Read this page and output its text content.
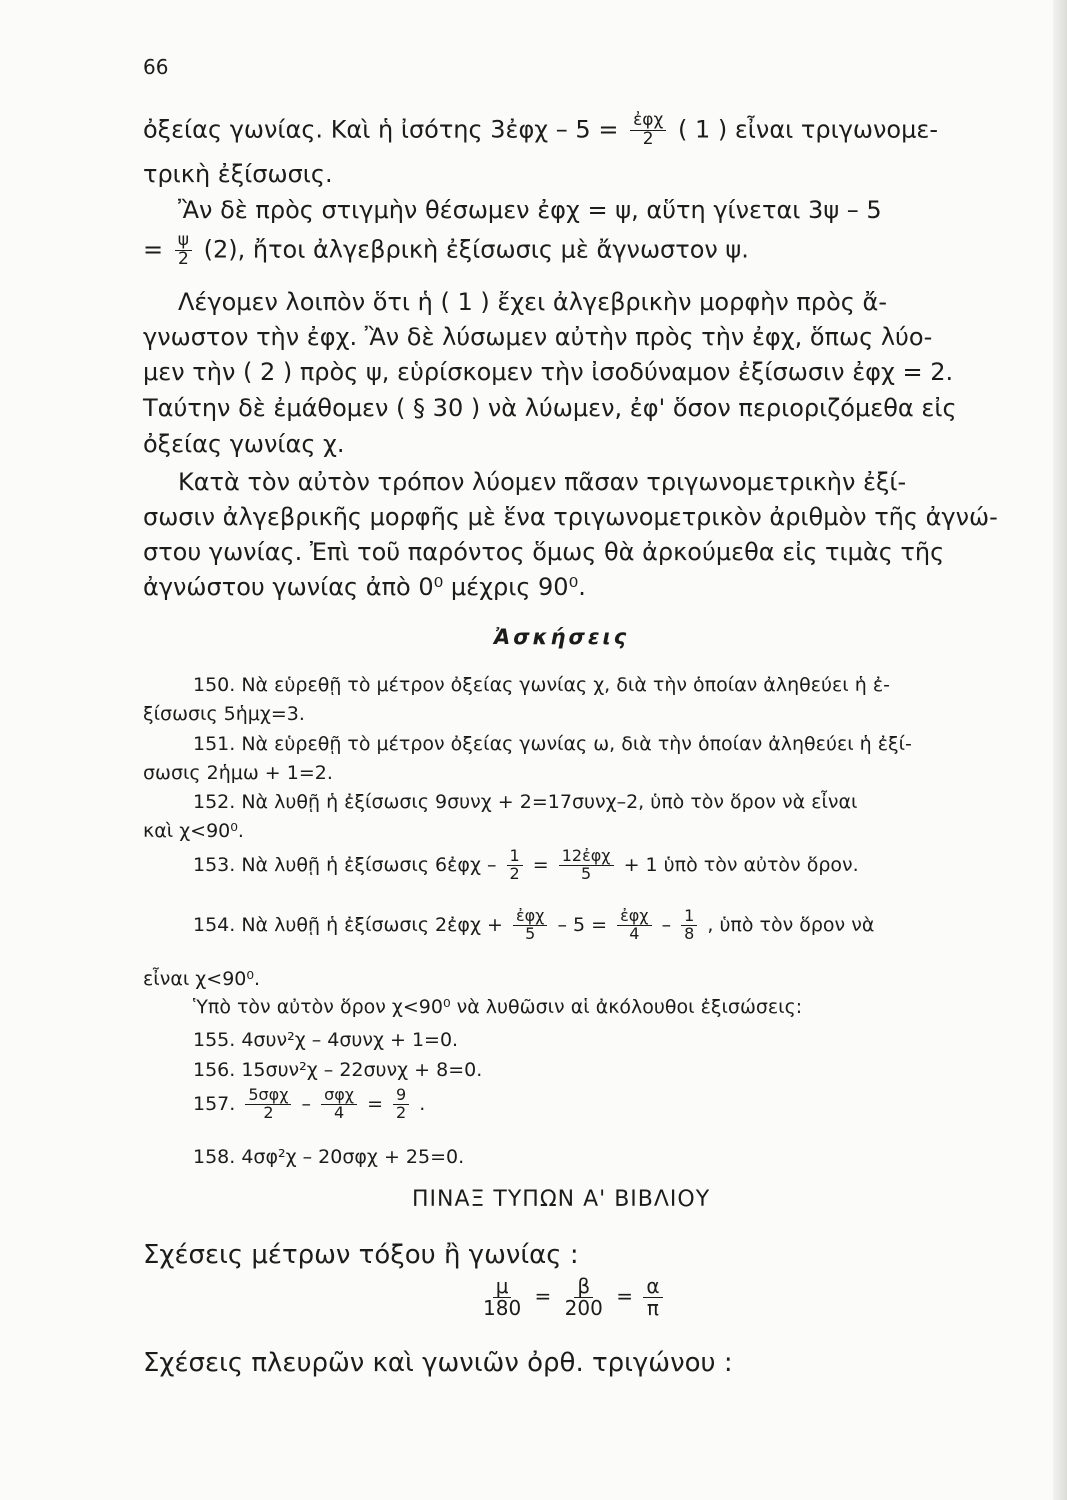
66
ὀξείας γωνίας. Καὶ ἡ ἰσότης 3ἐφχ – $5 = \frac{\text{ἐφχ}}{2}$ ( 1 ) εἶναι τριγωνομε-
τρικὴ ἐξίσωσις.
Ἂν δὲ πρὸς στιγμὴν θέσωμεν ἐφχ = ψ, αὕτη γίνεται 3ψ – 5
= $\frac{\psi}{2} (2)$, ἤτοι ἀλγεβρικὴ ἐξίσωσις μὲ ἄγνωστον ψ.
Λέγομεν λοιπὸν ὅτι ἡ ( 1 ) ἔχει ἀλγεβρικὴν μορφὴν πρὸς ἄ-
γνωστον τὴν ἐφχ. Ἂν δὲ λύσωμεν αὐτὴν πρὸς τὴν ἐφχ, ὅπως λύο-
μεν τὴν ( 2 ) πρὸς ψ, εὑρίσκομεν τὴν ἰσοδύναμον ἐξίσωσιν ἐφχ = 2.
Ταύτην δὲ ἐμάθομεν ( § 30 ) νὰ λύωμεν, ἐφ' ὅσον περιοριζόμεθα εἰς
ὀξείας γωνίας χ.
Κατὰ τὸν αὐτὸν τρόπον λύομεν πᾶσαν τριγωνομετρικὴν ἐξί-
σωσιν ἀλγεβρικῆς μορφῆς μὲ ἕνα τριγωνομετρικὸν ἀριθμὸν τῆς ἀγνώ-
στου γωνίας. Ἐπὶ τοῦ παρόντος ὅμως θὰ ἀρκούμεθα εἰς τιμὰς τῆς
ἀγνώστου γωνίας ἀπὸ 0⁰ μέχρις 90⁰.
Ἀσκήσεις
150. Νὰ εὑρεθῇ τὸ μέτρον ὀξείας γωνίας χ, διὰ τὴν ὁποίαν ἀληθεύει ἡ ἐ-
ξίσωσις 5ἡμχ=3.
151. Νὰ εὑρεθῇ τὸ μέτρον ὀξείας γωνίας ω, διὰ τὴν ὁποίαν ἀληθεύει ἡ ἐξί-
σωσις 2ἡμω + 1=2.
152. Νὰ λυθῇ ἡ ἐξίσωσις 9συνχ + 2=17συνχ–2, ὑπὸ τὸν ὅρον νὰ εἶναι
καὶ χ<90⁰.
153. Νὰ λυθῇ ἡ ἐξίσωσις 6ἐφχ – $\frac{1}{2} = \frac{\text{12ἐφχ}}{5} + 1$ ὑπὸ τὸν αὐτὸν ὅρον.
154. Νὰ λυθῇ ἡ ἐξίσωσις 2ἐφχ + $\frac{\text{ἐφχ}}{5} - 5 = \frac{\text{ἐφχ}}{4} - \frac{1}{8}$ , ὑπὸ τὸν ὅρον νὰ
εἶναι χ<90⁰.
Ὑπὸ τὸν αὐτὸν ὅρον χ<90⁰ νὰ λυθῶσιν αἱ ἀκόλουθοι ἐξισώσεις:
155. 4συν²χ – 4συνχ + 1=0.
156. 15συν²χ – 22συνχ + 8=0.
157. $\frac{\text{5σφχ}}{2} - \frac{\text{σφχ}}{4} = \frac{9}{2}$ .
158. 4σφ²χ – 20σφχ + 25=0.
ΠΙΝΑΞ ΤΥΠΩΝ Α' ΒΙΒΛΙΟΥ
Σχέσεις μέτρων τόξου ἢ γωνίας :
$\frac{\mu}{180} = \frac{\beta}{200} = \frac{\alpha}{\pi}$
Σχέσεις πλευρῶν καὶ γωνιῶν ὀρθ. τριγώνου :
